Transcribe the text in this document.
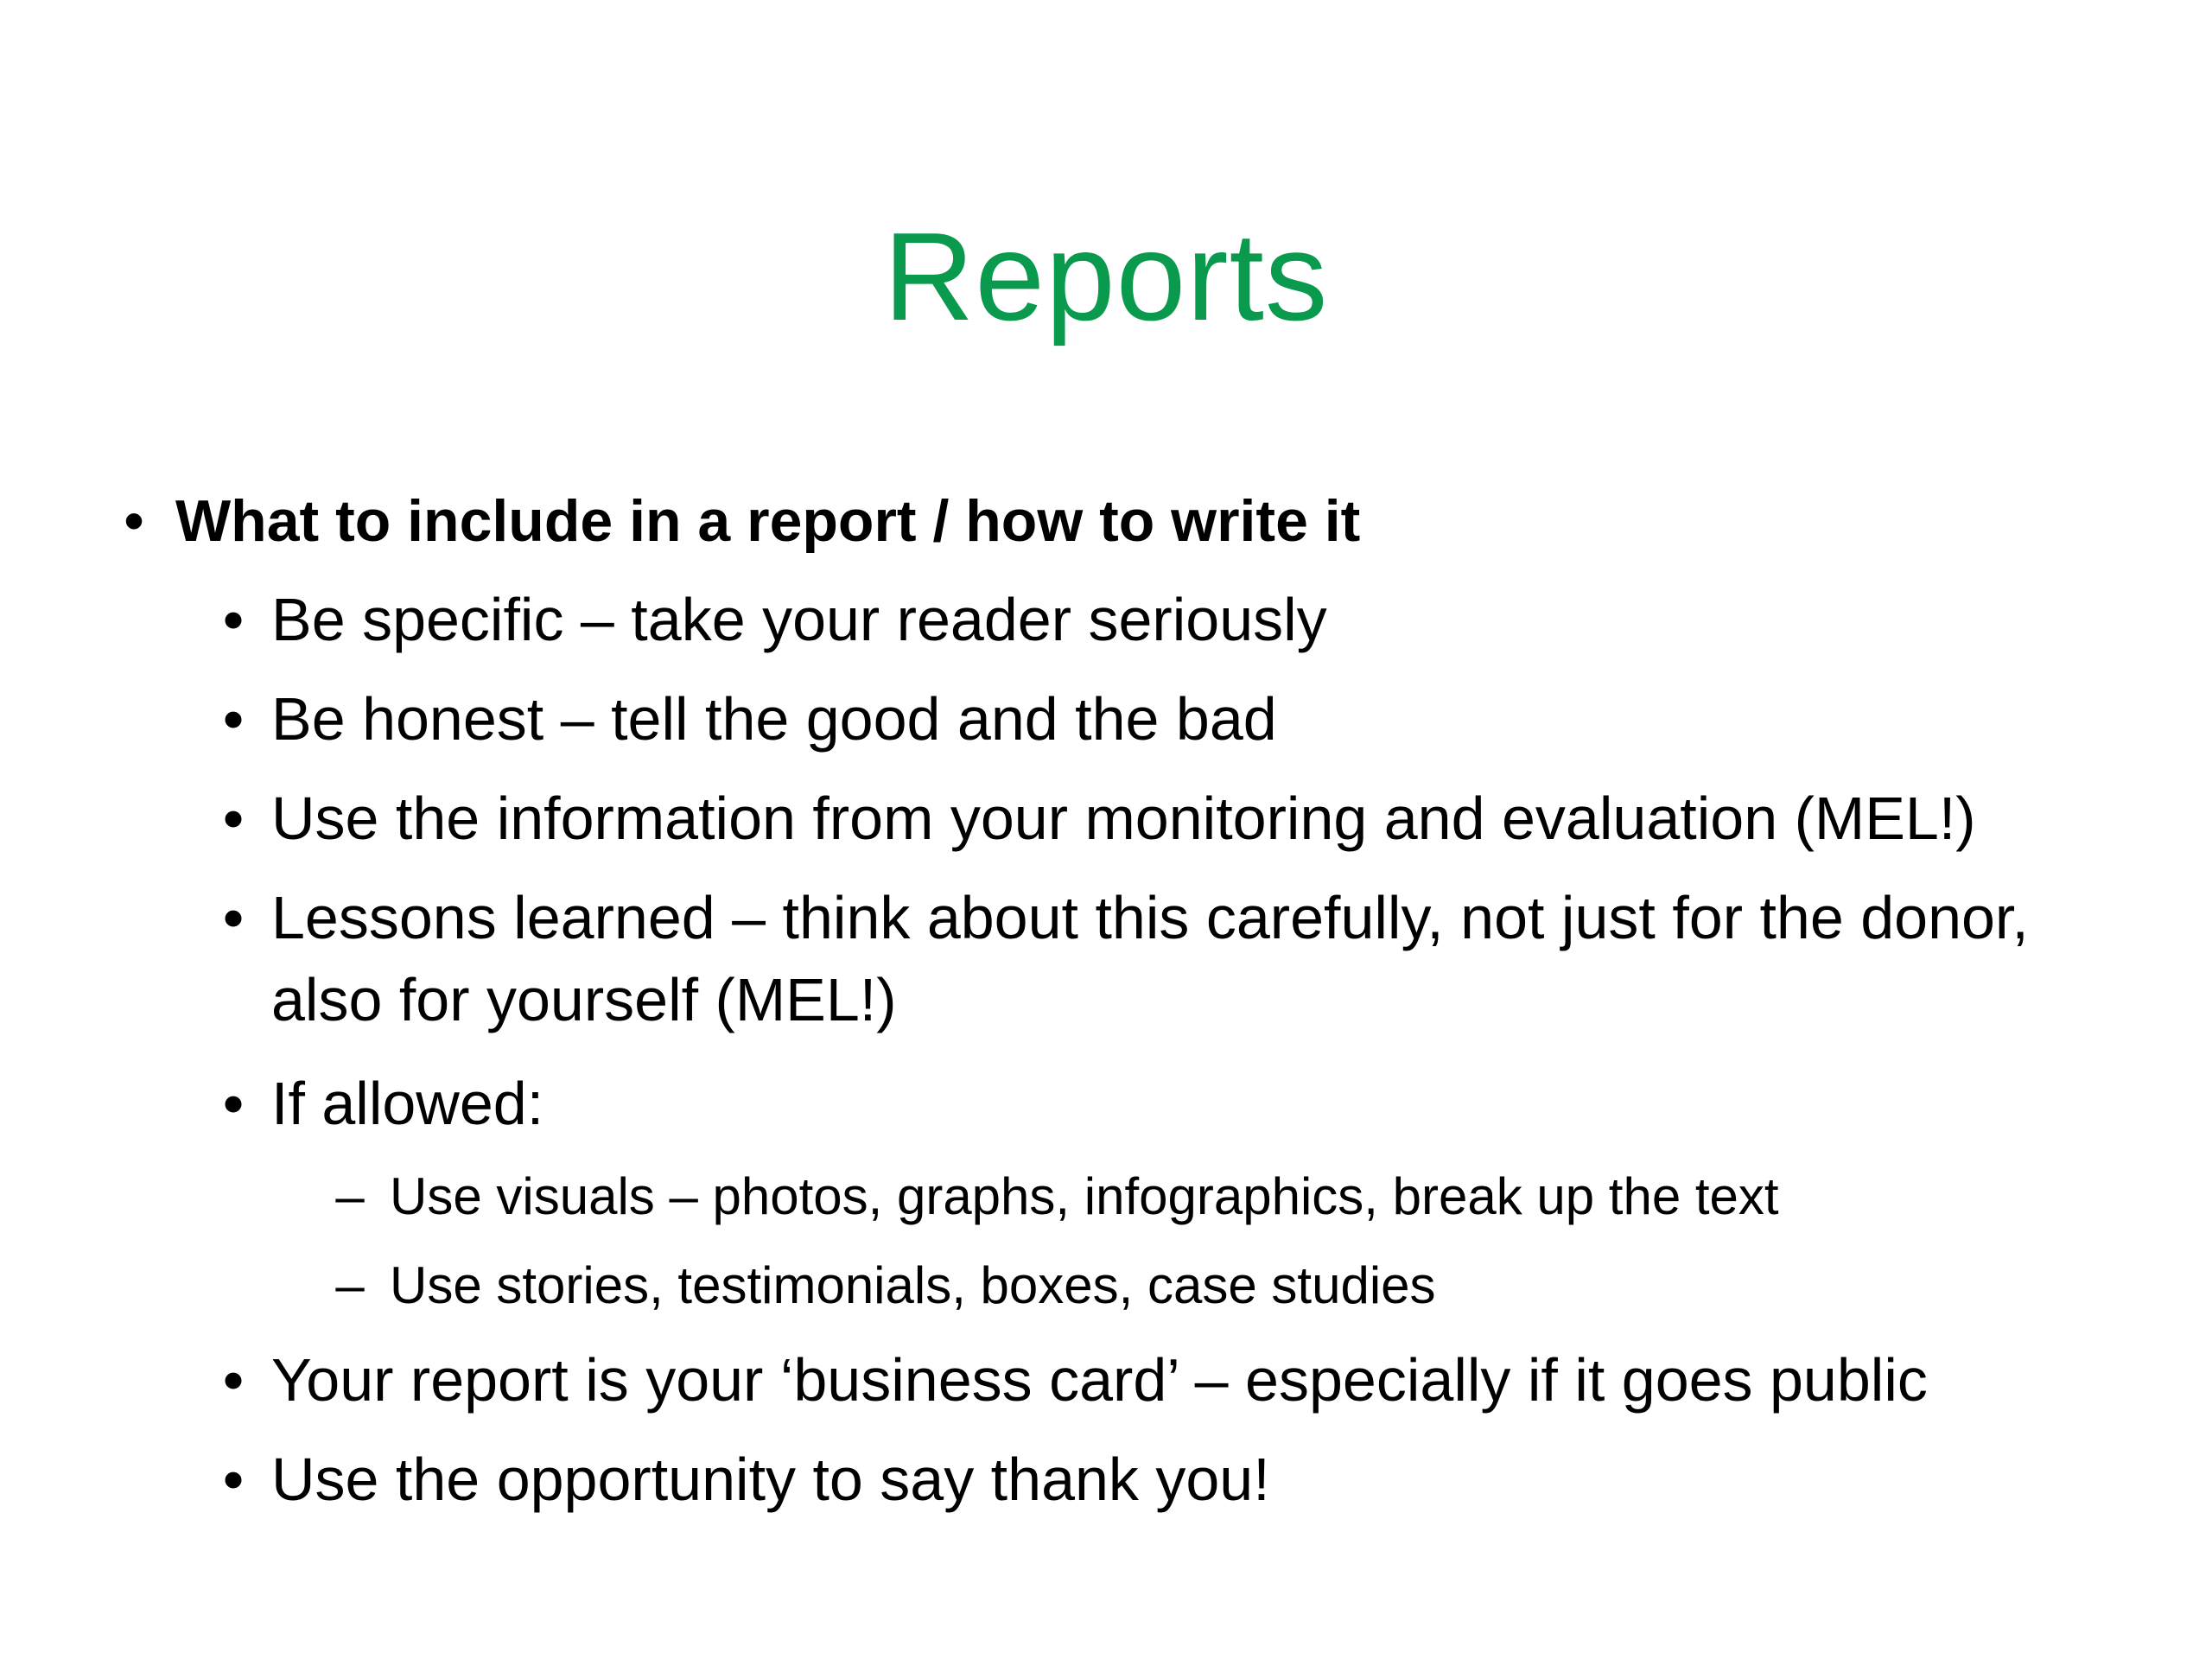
Reports
• What to include in a report / how to write it
• Be specific – take your reader seriously
• Be honest – tell the good and the bad
• Use the information from your monitoring and evaluation (MEL!)
• Lessons learned – think about this carefully, not just for the donor,
also for yourself (MEL!)
• If allowed:
– Use visuals – photos, graphs, infographics, break up the text
– Use stories, testimonials, boxes, case studies
• Your report is your ‘business card’ – especially if it goes public
• Use the opportunity to say thank you!
